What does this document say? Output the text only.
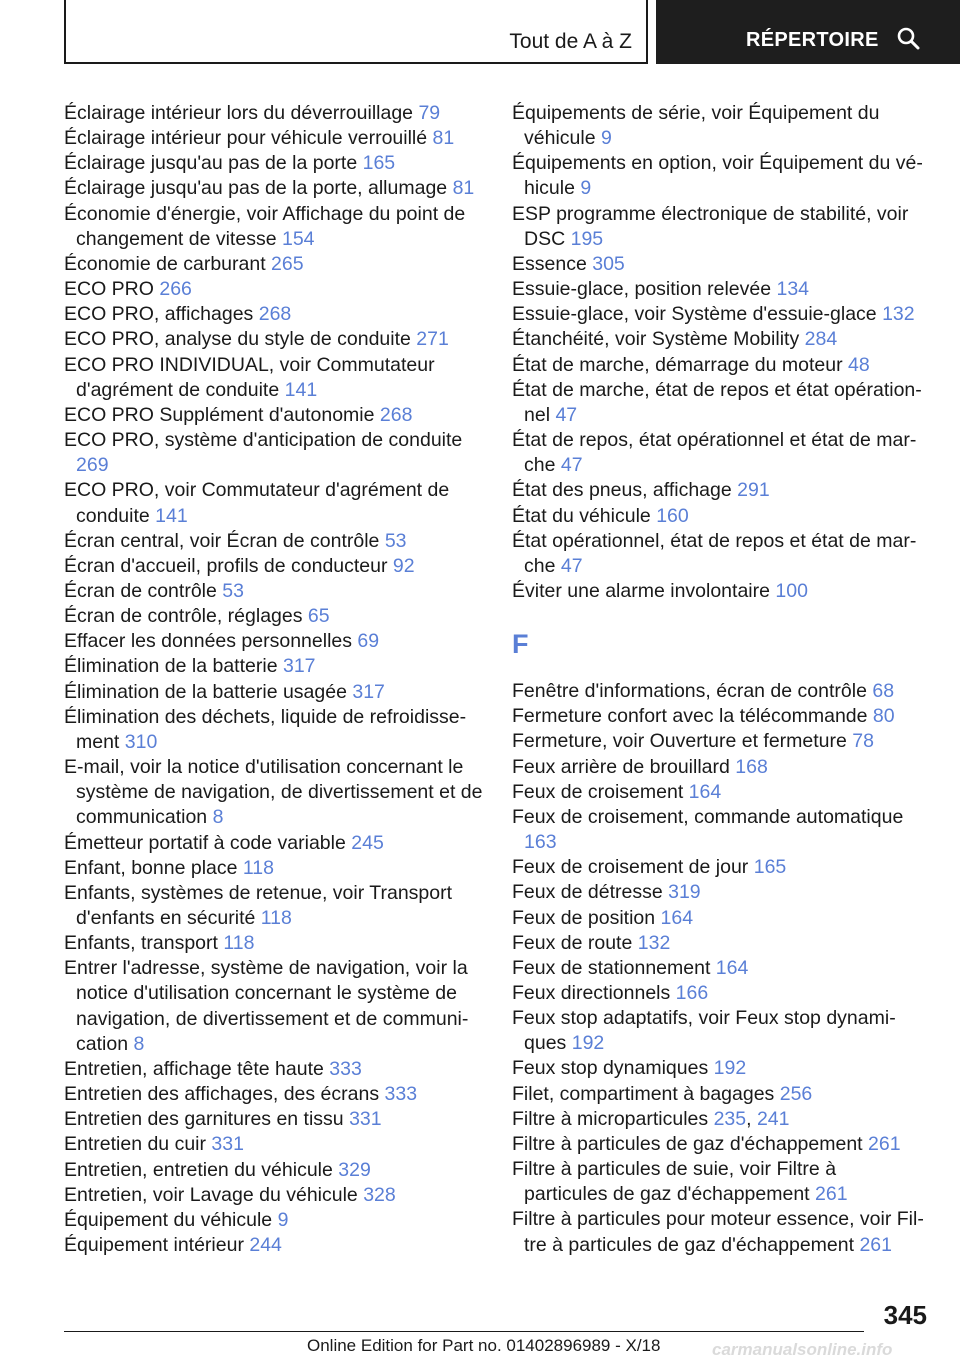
Tout de A à Z	RÉPERTOIRE
Éclairage intérieur lors du déverrouillage 79
Éclairage intérieur pour véhicule verrouillé 81
Éclairage jusqu'au pas de la porte 165
Éclairage jusqu'au pas de la porte, allumage 81
Économie d'énergie, voir Affichage du point de changement de vitesse 154
Économie de carburant 265
ECO PRO 266
ECO PRO, affichages 268
ECO PRO, analyse du style de conduite 271
ECO PRO INDIVIDUAL, voir Commutateur d'agrément de conduite 141
ECO PRO Supplément d'autonomie 268
ECO PRO, système d'anticipation de conduite 269
ECO PRO, voir Commutateur d'agrément de conduite 141
Écran central, voir Écran de contrôle 53
Écran d'accueil, profils de conducteur 92
Écran de contrôle 53
Écran de contrôle, réglages 65
Effacer les données personnelles 69
Élimination de la batterie 317
Élimination de la batterie usagée 317
Élimination des déchets, liquide de refroidissement 310
E-mail, voir la notice d'utilisation concernant le système de navigation, de divertissement et de communication 8
Émetteur portatif à code variable 245
Enfant, bonne place 118
Enfants, systèmes de retenue, voir Transport d'enfants en sécurité 118
Enfants, transport 118
Entrer l'adresse, système de navigation, voir la notice d'utilisation concernant le système de navigation, de divertissement et de communication 8
Entretien, affichage tête haute 333
Entretien des affichages, des écrans 333
Entretien des garnitures en tissu 331
Entretien du cuir 331
Entretien, entretien du véhicule 329
Entretien, voir Lavage du véhicule 328
Équipement du véhicule 9
Équipement intérieur 244
Équipements de série, voir Équipement du véhicule 9
Équipements en option, voir Équipement du véhicule 9
ESP programme électronique de stabilité, voir DSC 195
Essence 305
Essuie-glace, position relevée 134
Essuie-glace, voir Système d'essuie-glace 132
Étanchéité, voir Système Mobility 284
État de marche, démarrage du moteur 48
État de marche, état de repos et état opérationnel 47
État de repos, état opérationnel et état de marche 47
État des pneus, affichage 291
État du véhicule 160
État opérationnel, état de repos et état de marche 47
Éviter une alarme involontaire 100
F
Fenêtre d'informations, écran de contrôle 68
Fermeture confort avec la télécommande 80
Fermeture, voir Ouverture et fermeture 78
Feux arrière de brouillard 168
Feux de croisement 164
Feux de croisement, commande automatique 163
Feux de croisement de jour 165
Feux de détresse 319
Feux de position 164
Feux de route 132
Feux de stationnement 164
Feux directionnels 166
Feux stop adaptatifs, voir Feux stop dynamiques 192
Feux stop dynamiques 192
Filet, compartiment à bagages 256
Filtre à microparticules 235, 241
Filtre à particules de gaz d'échappement 261
Filtre à particules de suie, voir Filtre à particules de gaz d'échappement 261
Filtre à particules pour moteur essence, voir Filtre à particules de gaz d'échappement 261
345
Online Edition for Part no. 01402896989 - X/18	carmanualsonline.info
